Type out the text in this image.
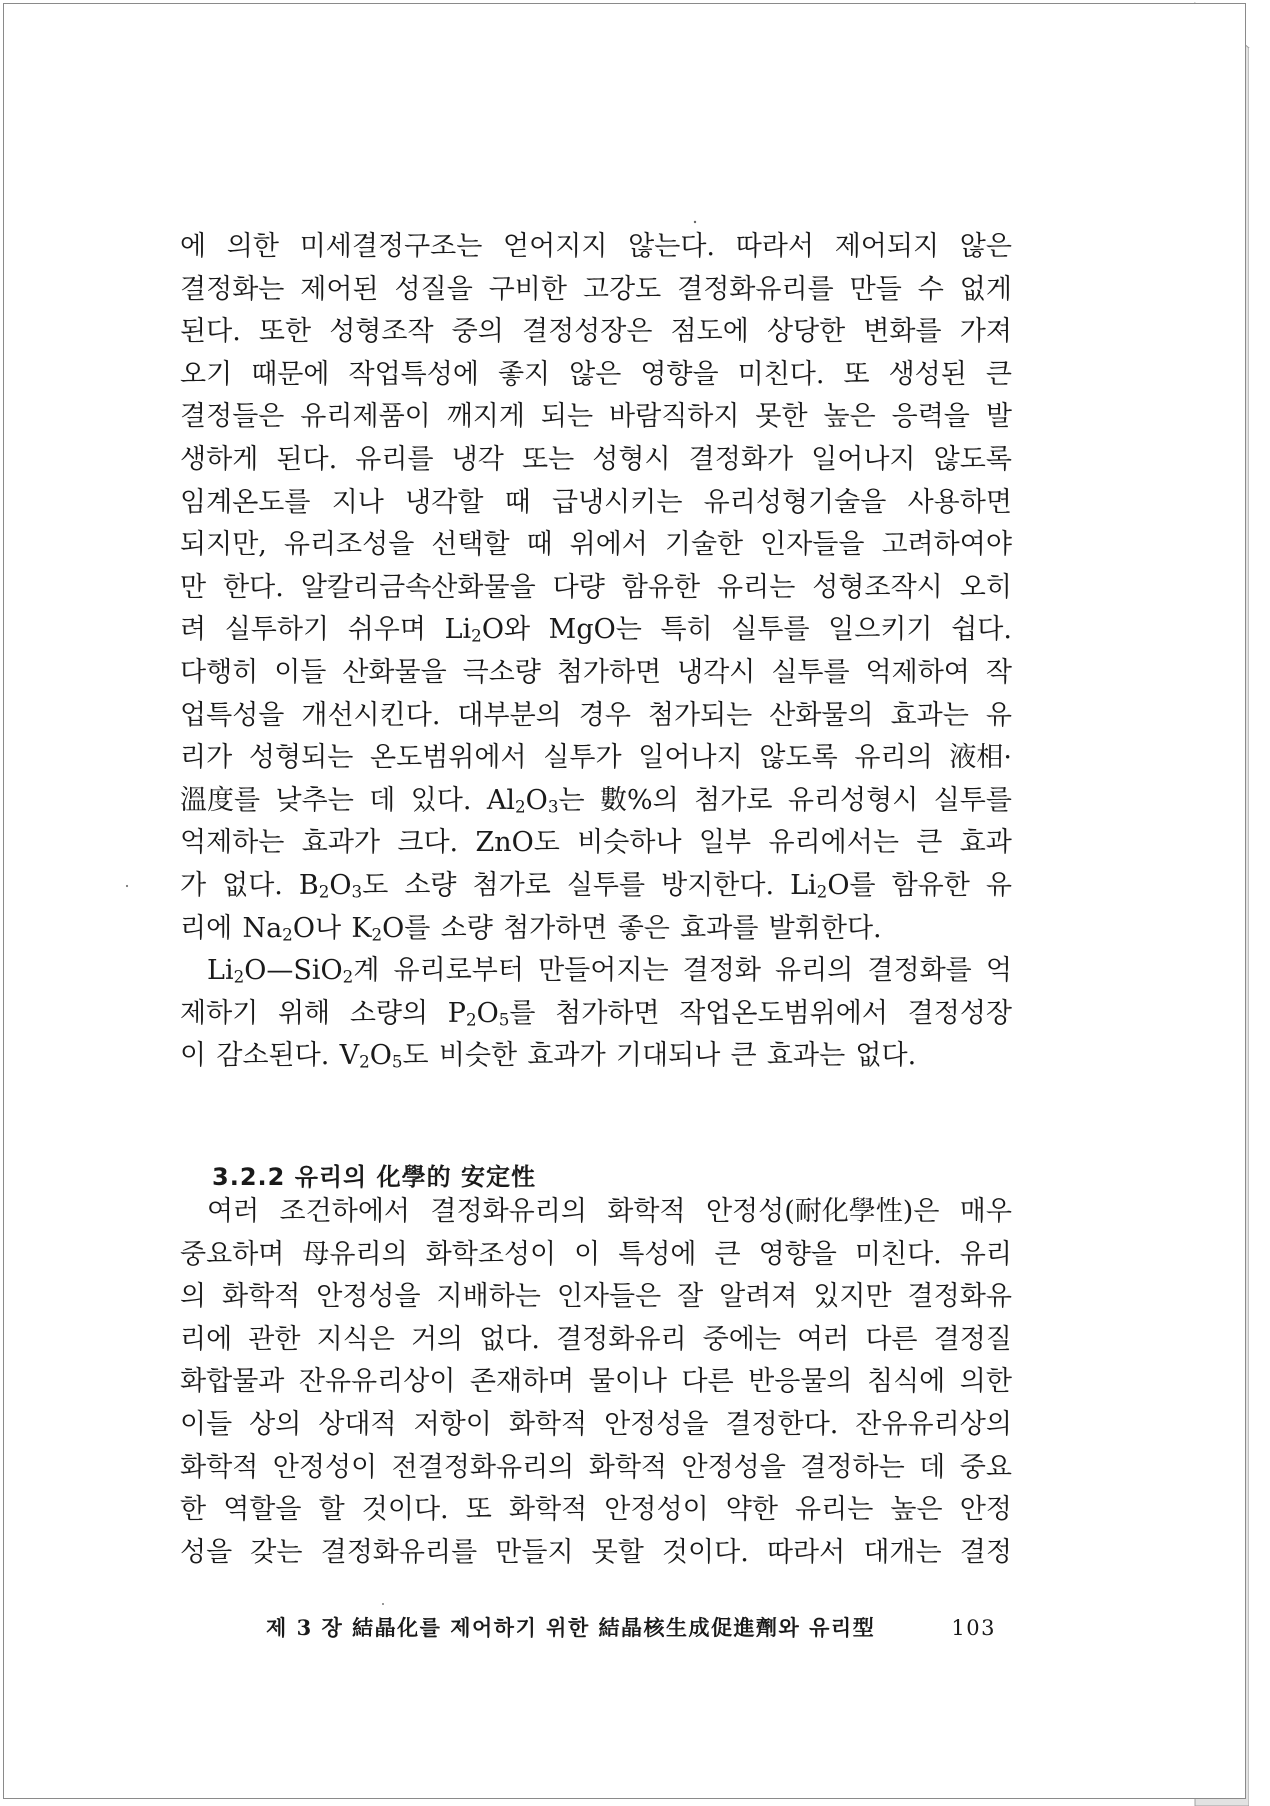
에 의한 미세결정구조는 얻어지지 않는다. 따라서 제어되지 않은
결정화는 제어된 성질을 구비한 고강도 결정화유리를 만들 수 없게
된다. 또한 성형조작 중의 결정성장은 점도에 상당한 변화를 가져
오기 때문에 작업특성에 좋지 않은 영향을 미친다. 또 생성된 큰
결정들은 유리제품이 깨지게 되는 바람직하지 못한 높은 응력을 발
생하게 된다. 유리를 냉각 또는 성형시 결정화가 일어나지 않도록
임계온도를 지나 냉각할 때 급냉시키는 유리성형기술을 사용하면
되지만, 유리조성을 선택할 때 위에서 기술한 인자들을 고려하여야
만 한다. 알칼리금속산화물을 다량 함유한 유리는 성형조작시 오히
려 실투하기 쉬우며 $Li_2O$와 MgO는 특히 실투를 일으키기 쉽다.
다행히 이들 산화물을 극소량 첨가하면 냉각시 실투를 억제하여 작
업특성을 개선시킨다. 대부분의 경우 첨가되는 산화물의 효과는 유
리가 성형되는 온도범위에서 실투가 일어나지 않도록 유리의 液相·
溫度를 낮추는 데 있다. $Al_2O_3$는 數%의 첨가로 유리성형시 실투를
억제하는 효과가 크다. ZnO도 비슷하나 일부 유리에서는 큰 효과
가 없다. $B_2O_3$도 소량 첨가로 실투를 방지한다. $Li_2O$를 함유한 유
리에 $Na_2O$나 $K_2O$를 소량 첨가하면 좋은 효과를 발휘한다.
$Li_2O—SiO_2$계 유리로부터 만들어지는 결정화 유리의 결정화를 억
제하기 위해 소량의 $P_2O_5$를 첨가하면 작업온도범위에서 결정성장
이 감소된다. $V_2O_5$도 비슷한 효과가 기대되나 큰 효과는 없다.
3.2.2 유리의 化學的 安定性
여러 조건하에서 결정화유리의 화학적 안정성(耐化學性)은 매우
중요하며 母유리의 화학조성이 이 특성에 큰 영향을 미친다. 유리
의 화학적 안정성을 지배하는 인자들은 잘 알려져 있지만 결정화유
리에 관한 지식은 거의 없다. 결정화유리 중에는 여러 다른 결정질
화합물과 잔유유리상이 존재하며 물이나 다른 반응물의 침식에 의한
이들 상의 상대적 저항이 화학적 안정성을 결정한다. 잔유유리상의
화학적 안정성이 전결정화유리의 화학적 안정성을 결정하는 데 중요
한 역할을 할 것이다. 또 화학적 안정성이 약한 유리는 높은 안정
성을 갖는 결정화유리를 만들지 못할 것이다. 따라서 대개는 결정
제 3 장 結晶化를 제어하기 위한 結晶核生成促進劑와 유리型	103
